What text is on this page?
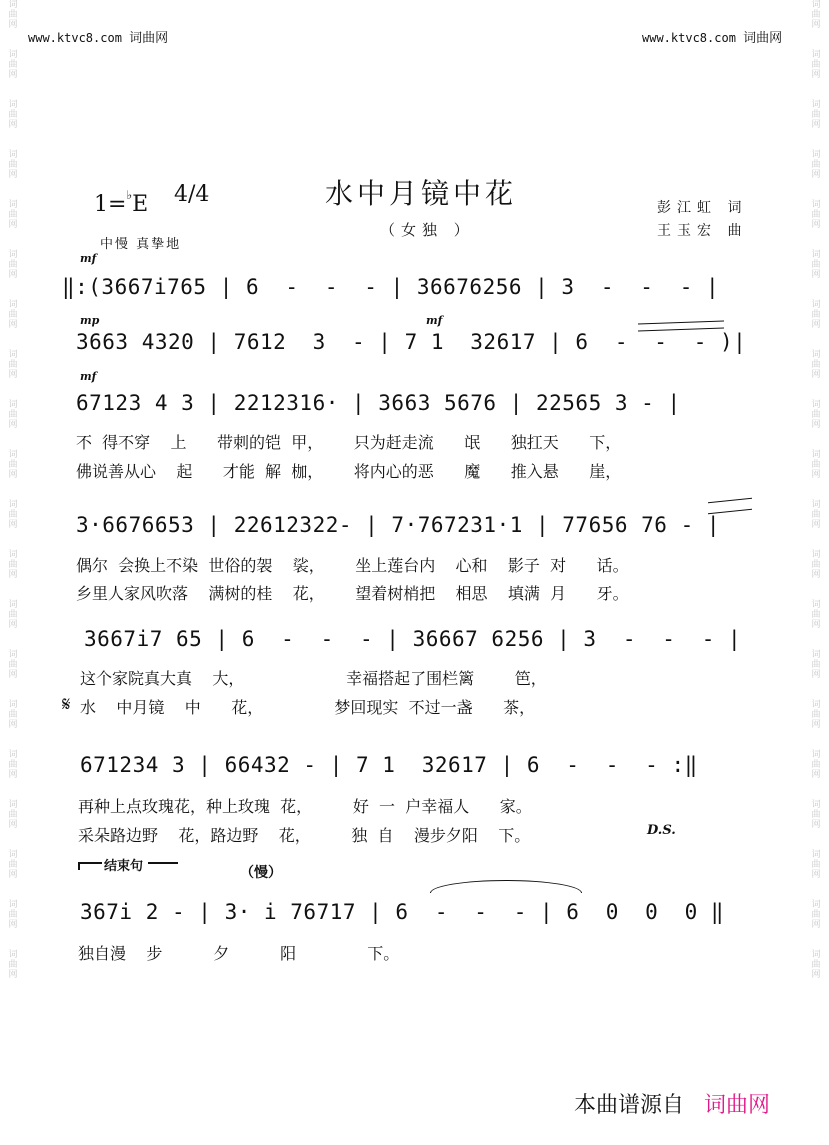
词
曲
网

词
曲
网

词
曲
网

词
曲
网

词
曲
网

词
曲
网

词
曲
网

词
曲
网

词
曲
网

词
曲
网

词
曲
网

词
曲
网

词
曲
网

词
曲
网

词
曲
网

词
曲
网

词
曲
网

词
曲
网

词
曲
网

词
曲
网

词
曲
网

词
曲
网

词
曲
网

词
曲
网

词
曲
网

词
曲
网

词
曲
网

词
曲
网

词
曲
网

词
曲
网

词
曲
网

词
曲
网

词
曲
网

词
曲
网

词
曲
网

词
曲
网

词
曲
网

词
曲
网

词
曲
网

词
曲
网

www.ktvc8.com 词曲网	www.ktvc8.com 词曲网
水中月镜中花
（女独 ）
1=♭E 4/4
中慢 真挚地
彭江虹 词
王玉宏 曲
mf
‖:(3667i765 | 6  -  -  - | 36676256 | 3  -  -  - |
mp	mf
3663 4320 | 7612  3  - | 7 1  32617 | 6  -  -  - )|
mf
67123 4 3 | 2212316· | 3663 5676 | 22565 3 - |
不  得不穿    上      带刺的铠  甲，      只为赶走流      氓      独扛天      下，
佛说善从心    起      才能  解  枷，      将内心的恶      魔      推入悬      崖，
3·6676653 | 22612322- | 7·767231·1 | 77656 76 - |
偶尔  会换上不染  世俗的袈    裟，      坐上莲台内    心和    影子  对      话。
乡里人家风吹落    满树的桂    花，      望着树梢把    相思    填满  月      牙。
3667i7 65 | 6  -  -  - | 36667 6256 | 3  -  -  - |
这个家院真大真    大，                    幸福搭起了围栏篱        笆，
𝄋 水    中月镜    中      花，              梦回现实  不过一盏      茶，
671234 3 | 66432 - | 7 1  32617 | 6  -  -  - :‖
再种上点玫瑰花，种上玫瑰  花，        好  一  户幸福人      家。
采朵路边野    花，路边野    花，        独  自    漫步夕阳    下。	D.S.
结束句	（慢）
367i 2 - | 3· i 76717 | 6  -  -  - | 6  0  0  0 ‖
独自漫    步          夕          阳              下。
本曲谱源自 词曲网
